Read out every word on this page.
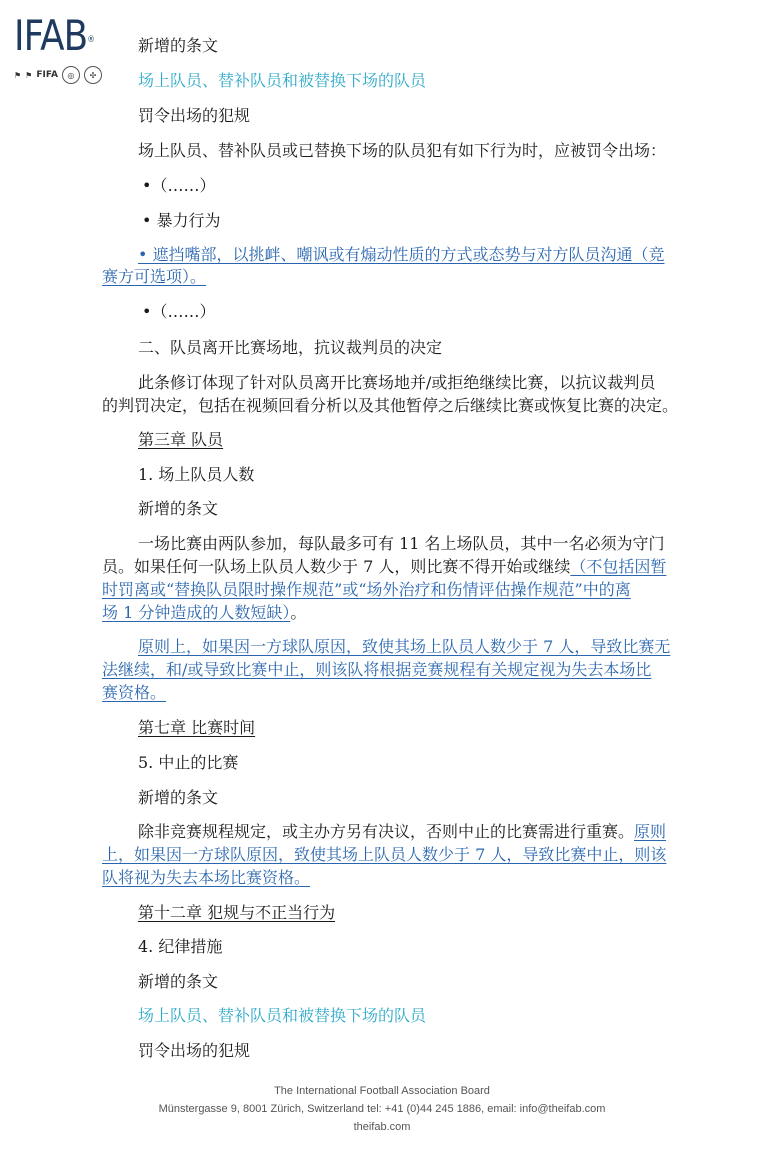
IFAB®
⚑ ⚑ FIFA	◎	✣
新增的条文
场上队员、替补队员和被替换下场的队员
罚令出场的犯规
场上队员、替补队员或已替换下场的队员犯有如下行为时，应被罚令出场：
•（……）
• 暴力行为
• 遮挡嘴部，以挑衅、嘲讽或有煽动性质的方式或态势与对方队员沟通（竞
赛方可选项）。
•（……）
二、队员离开比赛场地，抗议裁判员的决定
此条修订体现了针对队员离开比赛场地并/或拒绝继续比赛，以抗议裁判员
的判罚决定，包括在视频回看分析以及其他暂停之后继续比赛或恢复比赛的决定。
第三章 队员
1. 场上队员人数
新增的条文
一场比赛由两队参加，每队最多可有 11 名上场队员，其中一名必须为守门
员。如果任何一队场上队员人数少于 7 人，则比赛不得开始或继续（不包括因暂
时罚离或“替换队员限时操作规范”或“场外治疗和伤情评估操作规范”中的离
场 1 分钟造成的人数短缺）。
原则上，如果因一方球队原因，致使其场上队员人数少于 7 人，导致比赛无
法继续，和/或导致比赛中止，则该队将根据竞赛规程有关规定视为失去本场比
赛资格。
第七章 比赛时间
5. 中止的比赛
新增的条文
除非竞赛规程规定，或主办方另有决议，否则中止的比赛需进行重赛。原则
上，如果因一方球队原因，致使其场上队员人数少于 7 人，导致比赛中止，则该
队将视为失去本场比赛资格。
第十二章 犯规与不正当行为
4. 纪律措施
新增的条文
场上队员、替补队员和被替换下场的队员
罚令出场的犯规
The International Football Association Board
Münstergasse 9, 8001 Zürich, Switzerland tel: +41 (0)44 245 1886, email: info@theifab.com
theifab.com
